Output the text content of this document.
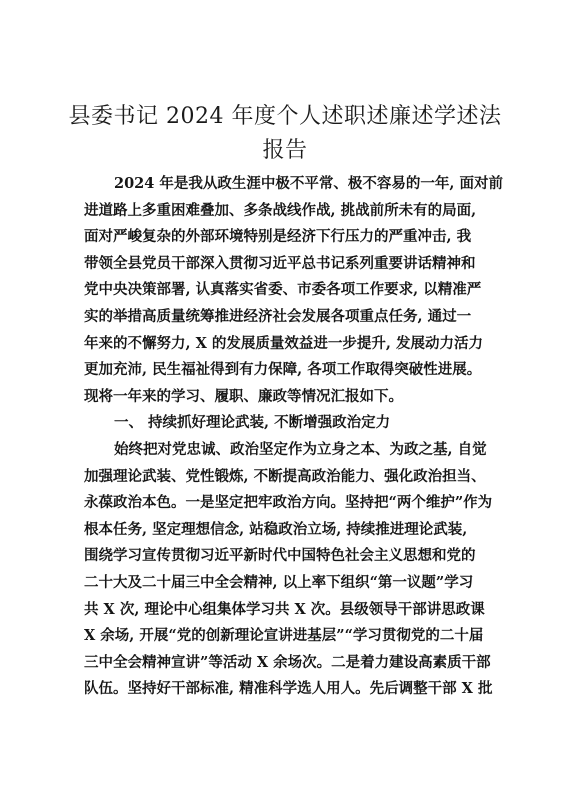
县委书记 2024 年度个人述职述廉述学述法
报告
2024 年是我从政生涯中极不平常、极不容易的一年, 面对前
进道路上多重困难叠加、多条战线作战, 挑战前所未有的局面,
面对严峻复杂的外部环境特别是经济下行压力的严重冲击, 我
带领全县党员干部深入贯彻习近平总书记系列重要讲话精神和
党中央决策部署, 认真落实省委、市委各项工作要求, 以精准严
实的举措高质量统筹推进经济社会发展各项重点任务, 通过一
年来的不懈努力, X 的发展质量效益进一步提升, 发展动力活力
更加充沛, 民生福祉得到有力保障, 各项工作取得突破性进展。
现将一年来的学习、履职、廉政等情况汇报如下。
一、 持续抓好理论武装, 不断增强政治定力
始终把对党忠诚、政治坚定作为立身之本、为政之基, 自觉
加强理论武装、党性锻炼, 不断提高政治能力、强化政治担当、
永葆政治本色。一是坚定把牢政治方向。坚持把“两个维护”作为
根本任务, 坚定理想信念, 站稳政治立场, 持续推进理论武装,
围绕学习宣传贯彻习近平新时代中国特色社会主义思想和党的
二十大及二十届三中全会精神, 以上率下组织“第一议题”学习
共 X 次, 理论中心组集体学习共 X 次。县级领导干部讲思政课
X 余场, 开展“党的创新理论宣讲进基层”“学习贯彻党的二十届
三中全会精神宣讲”等活动 X 余场次。二是着力建设高素质干部
队伍。坚持好干部标准, 精准科学选人用人。先后调整干部 X 批
